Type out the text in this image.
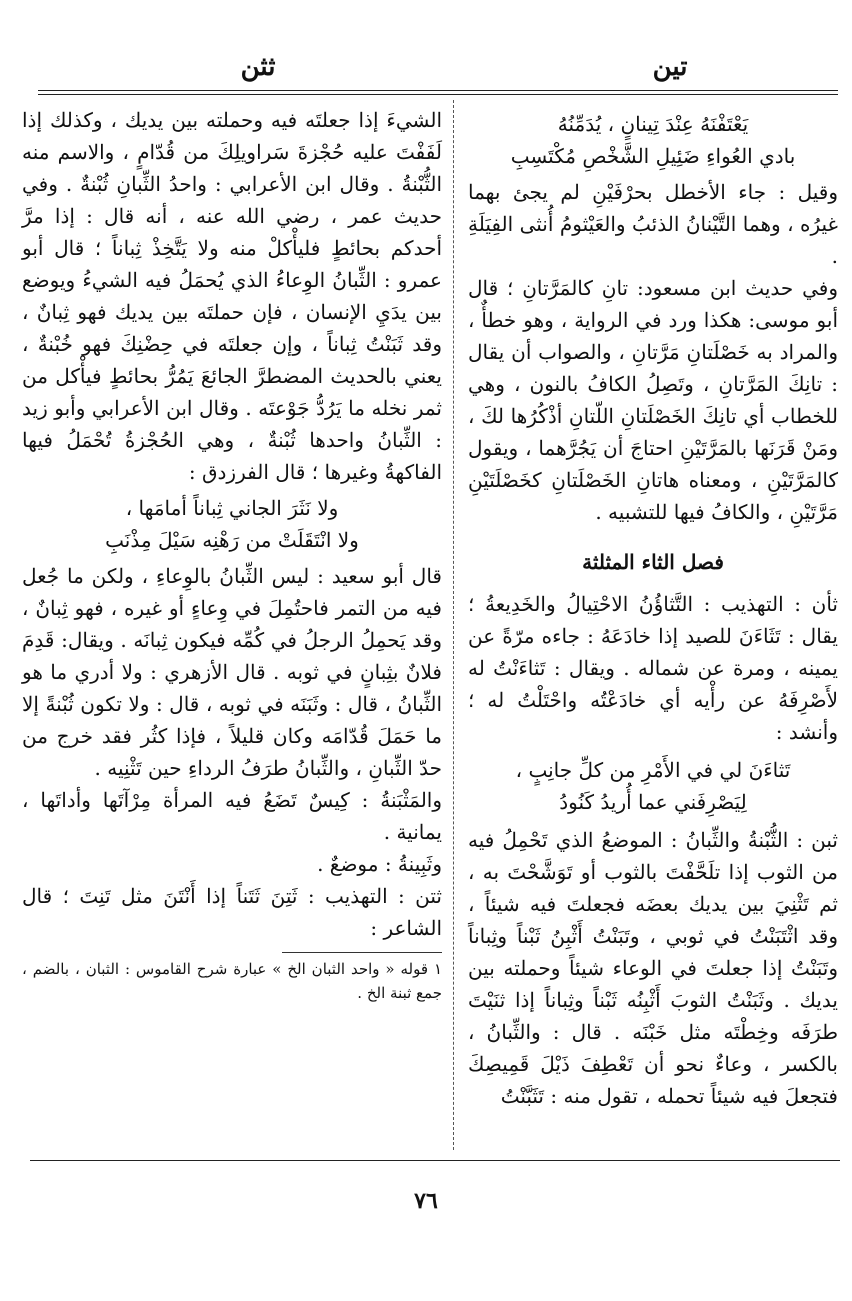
تين
ثثن
يَعْتَفْنَهُ عِنْدَ تِينانٍ ، يُدَمِّنُهُ
بادي العُواءِ ضَئِيلِ الشَّخْصِ مُكْتَسِبِ

وقيل : جاء الأخطل بحرْفَيْنِ لم يجئ بهما غيرُه ، وهما التَّيْنانُ الذئبُ والعَيْثومُ أُنثى الفِيَلَةِ .

وفي حديث ابن مسعود: تانِ كالمَرَّتانِ ؛ قال أبو موسى: هكذا ورد في الرواية ، وهو خطأٌ ، والمراد به خَصْلَتانِ مَرَّتانِ ، والصواب أن يقال : تانِكَ المَرَّتانِ ، وتَصِلُ الكافُ بالنون ، وهي للخطاب أي تانِكَ الخَصْلَتانِ اللّتانِ أذْكُرُها لكَ ، ومَنْ قَرَنَها بالمَرَّتَيْنِ احتاجَ أن يَجُرَّهما ، ويقول كالمَرَّتَيْنِ ، ومعناه هاتانِ الخَصْلَتانِ كخَصْلَتَيْنِ مَرَّتَيْنِ ، والكافُ فيها للتشبيه .

فصل الثاء المثلثة

ثأن : التهذيب : التَّثاؤُنُ الاحْتِيالُ والخَدِيعةُ ؛ يقال : تَثَاءَنَ للصيد إذا خادَعَهُ : جاءه مرّةً عن يمينه ، ومرة عن شماله . ويقال : تَثاءَنْتُ له لأَصْرِفَهُ عن رأْيه أي خادَعْتُه واحْتَلْتُ له ؛ وأنشد :

تَثاءَنَ لي في الأَمْرِ من كلِّ جانِبٍ ،
لِيَصْرِفَني عما أُريدُ كَنُودُ

ثبن : الثُّبْنةُ والثِّبانُ : الموضعُ الذي تَحْمِلُ فيه من الثوب إذا تلَحَّفْتَ بالثوب أو تَوَشَّحْتَ به ، ثم تَثْنِيَ بين يديك بعضَه فجعلتَ فيه شيئاً ، وقد اثْتَبَنْتُ في ثوبي ، وتَبَنْتُ أَثْبِنُ ثَبْناً وثِباناً وتَبَنْتُ إذا جعلتَ في الوعاء شيئاً وحملته بين يديك . وثَبَنْتُ الثوبَ أَثْبِنُه ثَبْناً وثِباناً إذا ثنَيْتَ طرَفَه وخِطْتَه مثل خَبْنَه . قال : والثِّبانُ ، بالكسر ، وعاءٌ نحو أن تَعْطِفَ ذَيْلَ قَمِيصِكَ فتجعلَ فيه شيئاً تحمله ، تقول منه : تَثَبَّنْتُ

الشيءَ إذا جعلتَه فيه وحملته بين يديك ، وكذلك إذا لَفَفْتَ عليه حُجْزةَ سَراويلِكَ من قُدّامٍ ، والاسم منه الثُّبْنةُ . وقال ابن الأعرابي : واحدُ الثِّبانِ ثُبْنةٌ . وفي حديث عمر ، رضي الله عنه ، أنه قال : إذا مرَّ أحدكم بحائطٍ فليأْكلْ منه ولا يَتَّخِذْ ثِباناً ؛ قال أبو عمرو : الثِّبانُ الوِعاءُ الذي يُحمَلُ فيه الشيءُ ويوضع بين يدَيِ الإنسان ، فإن حملتَه بين يديك فهو ثِبانٌ ، وقد ثَبَنْتُ ثِباناً ، وإن جعلتَه في حِضْنِكَ فهو خُبْنةٌ ، يعني بالحديث المضطرَّ الجائعَ يَمُرُّ بحائطٍ فيأْكل من ثمر نخله ما يَرُدُّ جَوْعتَه . وقال ابن الأعرابي وأبو زيد : الثِّبانُ واحدها ثُبْنةٌ ، وهي الحُجْزةُ تُحْمَلُ فيها الفاكهةُ وغيرها ؛ قال الفرزدق :

ولا نَثَرَ الجاني ثِباناً أمامَها ،
ولا انْتَقَلَتْ من رَهْنِه سَيْلَ مِذْنَبِ

قال أبو سعيد : ليس الثِّبانُ بالوِعاءِ ، ولكن ما جُعل فيه من التمر فاحتُمِلَ في وِعاءٍ أو غيره ، فهو ثِبانٌ ، وقد يَحمِلُ الرجلُ في كُمِّه فيكون ثِبانَه . ويقال: قَدِمَ فلانٌ بثِبانٍ في ثوبه . قال الأزهري : ولا أدري ما هو الثِّبانُ ، قال : وثَبَنَه في ثوبه ، قال : ولا تكون ثُبْنةً إلا ما حَمَلَ قُدّامَه وكان قليلاً ، فإذا كثُر فقد خرج من حدّ الثِّبانِ ، والثِّبانُ طرَفُ الرداءِ حين تَثْنِيه .

والمَثْبَنةُ : كِيسٌ تَضَعُ فيه المرأة مِرْآتَها وأداتَها ، يمانية .

وثَبِينةُ : موضعٌ .

ثتن : التهذيب : ثَتِنَ ثَتَناً إذا أَنْتَنَ مثل تَنِتَ ؛ قال الشاعر :

١ قوله « واحد الثبان الخ » عبارة شرح القاموس : الثبان ، بالضم ، جمع ثبنة الخ .

٧٦
